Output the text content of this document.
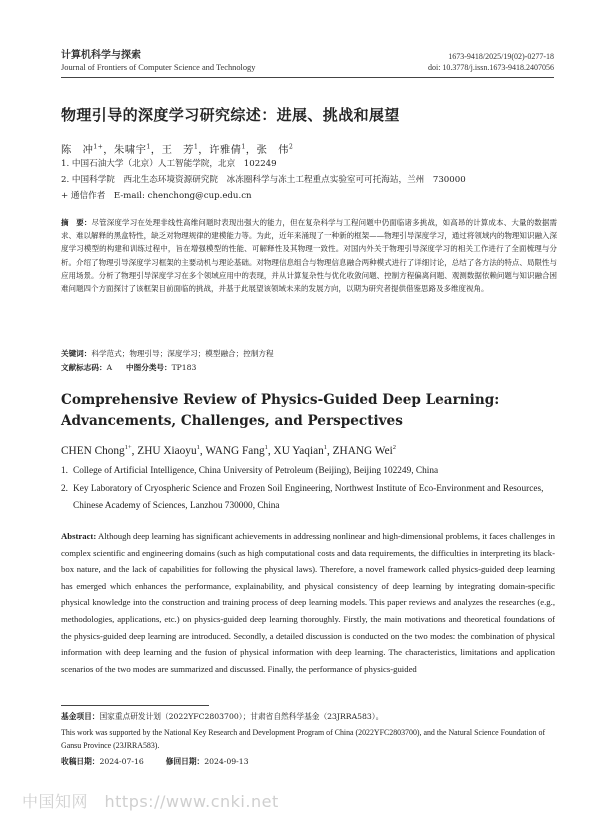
计算机科学与探索
Journal of Frontiers of Computer Science and Technology
1673-9418/2025/19(02)-0277-18
doi: 10.3778/j.issn.1673-9418.2407056
物理引导的深度学习研究综述：进展、挑战和展望
陈　冲$^{1+}$，朱啸宇$^1$，王　芳$^1$，许雅倩$^1$，张　伟$^2$
1. 中国石油大学（北京）人工智能学院，北京　102249
2. 中国科学院　西北生态环境资源研究院　冰冻圈科学与冻土工程重点实验室可可托海站，兰州　730000
+ 通信作者　E-mail: chenchong@cup.edu.cn
摘　要：尽管深度学习在处理非线性高维问题时表现出强大的能力，但在复杂科学与工程问题中仍面临诸多挑战，如高昂的计算成本、大量的数据需求、难以解释的黑盒特性，缺乏对物理规律的建模能力等。为此，近年来涌现了一种新的框架——物理引导深度学习，通过将领域内的物理知识融入深度学习模型的构建和训练过程中，旨在增强模型的性能、可解释性及其物理一致性。对国内外关于物理引导深度学习的相关工作进行了全面梳理与分析。介绍了物理引导深度学习框架的主要动机与理论基础。对物理信息组合与物理信息融合两种模式进行了详细讨论，总结了各方法的特点、局限性与应用场景。分析了物理引导深度学习在多个领域应用中的表现，并从计算复杂性与优化收敛问题、控制方程偏离问题、观测数据依赖问题与知识融合困难问题四个方面探讨了该框架目前面临的挑战，并基于此展望该领域未来的发展方向，以期为研究者提供借鉴思路及多维度视角。
关键词：科学范式；物理引导；深度学习；模型融合；控制方程
文献标志码：A 中图分类号：TP183
Comprehensive Review of Physics-Guided Deep Learning: Advancements, Challenges, and Perspectives
CHEN Chong$^{1+}$, ZHU Xiaoyu$^1$, WANG Fang$^1$, XU Yaqian$^1$, ZHANG Wei$^2$
1. College of Artificial Intelligence, China University of Petroleum (Beijing), Beijing 102249, China
2. Key Laboratory of Cryospheric Science and Frozen Soil Engineering, Northwest Institute of Eco-Environment and Resources, Chinese Academy of Sciences, Lanzhou 730000, China
Abstract: Although deep learning has significant achievements in addressing nonlinear and high-dimensional problems, it faces challenges in complex scientific and engineering domains (such as high computational costs and data requirements, the difficulties in interpreting its black-box nature, and the lack of capabilities for following the physical laws). Therefore, a novel framework called physics-guided deep learning has emerged which enhances the performance, explainability, and physical consistency of deep learning by integrating domain-specific physical knowledge into the construction and training process of deep learning models. This paper reviews and analyzes the researches (e.g., methodologies, applications, etc.) on physics-guided deep learning thoroughly. Firstly, the main motivations and theoretical foundations of the physics-guided deep learning are introduced. Secondly, a detailed discussion is conducted on the two modes: the combination of physical information with deep learning and the fusion of physical information with deep learning. The characteristics, limitations and application scenarios of the two modes are summarized and discussed. Finally, the performance of physics-guided
基金项目：国家重点研发计划（2022YFC2803700）；甘肃省自然科学基金（23JRRA583）。
This work was supported by the National Key Research and Development Program of China (2022YFC2803700), and the Natural Science Foundation of Gansu Province (23JRRA583).
收稿日期：2024-07-16	修回日期：2024-09-13
中国知网　https://www.cnki.net
